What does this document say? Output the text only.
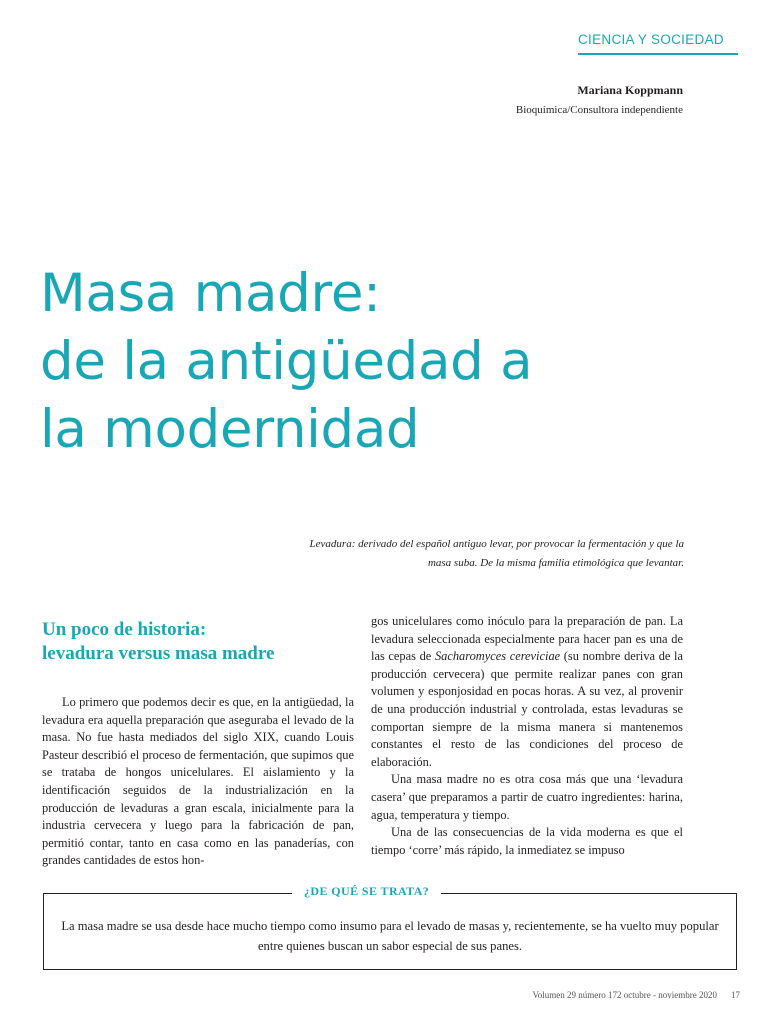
CIENCIA Y SOCIEDAD
Mariana Koppmann
Bioquímica/Consultora independiente
Masa madre:
de la antigüedad a
la modernidad
Levadura: derivado del español antiguo levar, por provocar la fermentación y que la
masa suba. De la misma familia etimológica que levantar.
Un poco de historia:
levadura versus masa madre

Lo primero que podemos decir es que, en la antigüedad, la levadura era aquella preparación que aseguraba el levado de la masa. No fue hasta mediados del siglo XIX, cuando Louis Pasteur describió el proceso de fermentación, que supimos que se trataba de hongos unicelulares. El aislamiento y la identificación seguidos de la industrialización en la producción de levaduras a gran escala, inicialmente para la industria cervecera y luego para la fabricación de pan, permitió contar, tanto en casa como en las panaderías, con grandes cantidades de estos hon-

gos unicelulares como inóculo para la preparación de pan. La levadura seleccionada especialmente para hacer pan es una de las cepas de Sacharomyces cereviciae (su nombre deriva de la producción cervecera) que permite realizar panes con gran volumen y esponjosidad en pocas horas. A su vez, al provenir de una producción industrial y controlada, estas levaduras se comportan siempre de la misma manera si mantenemos constantes el resto de las condiciones del proceso de elaboración.

Una masa madre no es otra cosa más que una ‘levadura casera’ que preparamos a partir de cuatro ingredientes: harina, agua, temperatura y tiempo.

Una de las consecuencias de la vida moderna es que el tiempo ‘corre’ más rápido, la inmediatez se impuso

¿DE QUÉ SE TRATA?
La masa madre se usa desde hace mucho tiempo como insumo para el levado de masas y, recientemente, se ha vuelto muy popular entre quienes buscan un sabor especial de sus panes.
Volumen 29 número 172 octubre - noviembre 2020 17
